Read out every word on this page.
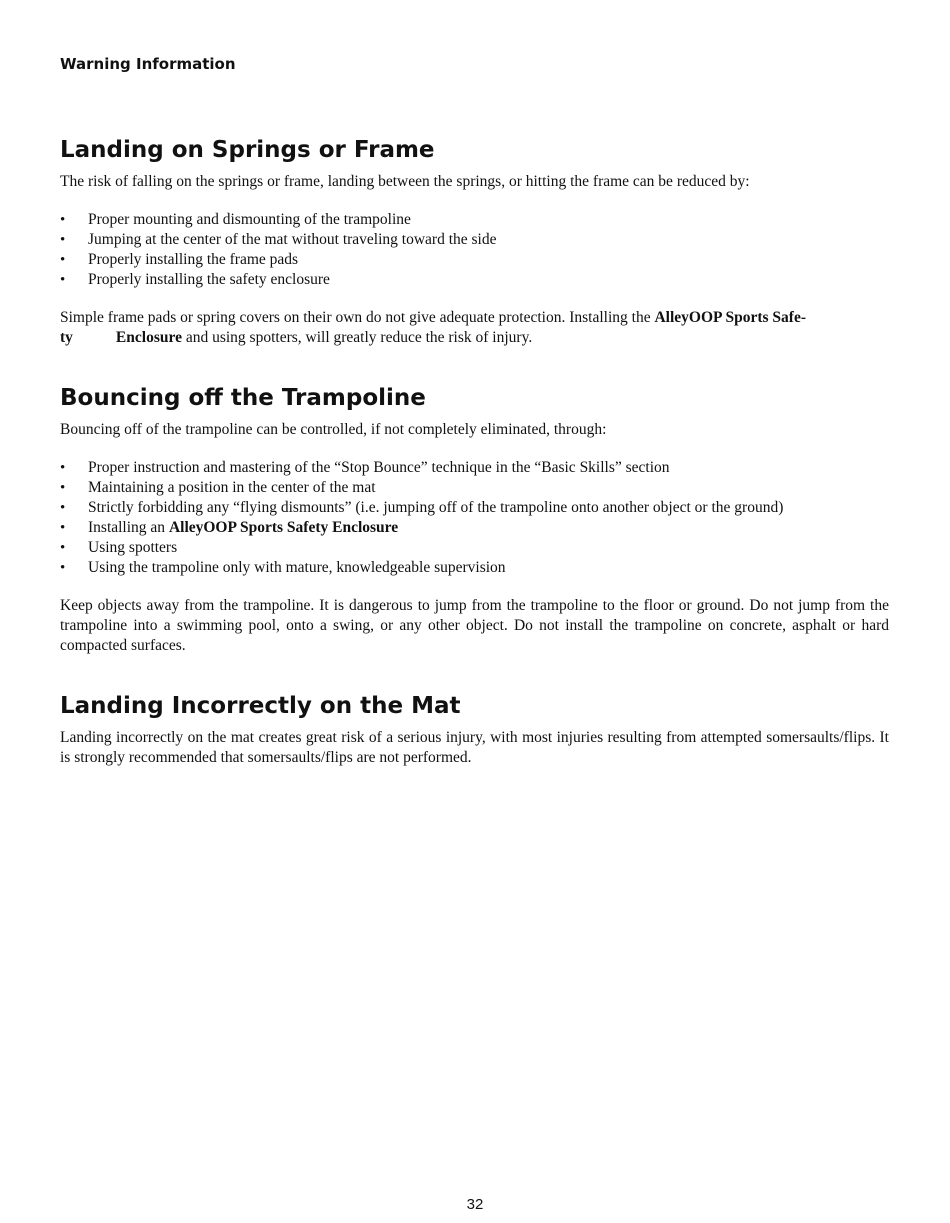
Warning Information

Landing on Springs or Frame

The risk of falling on the springs or frame, landing between the springs, or hitting the frame can be reduced by:

• Proper mounting and dismounting of the trampoline
• Jumping at the center of the mat without traveling toward the side
• Properly installing the frame pads
• Properly installing the safety enclosure

Simple frame pads or spring covers on their own do not give adequate protection. Installing the AlleyOOP Sports Safe-
ty	Enclosure and using spotters, will greatly reduce the risk of injury.

Bouncing off the Trampoline

Bouncing off of the trampoline can be controlled, if not completely eliminated, through:

• Proper instruction and mastering of the “Stop Bounce” technique in the “Basic Skills” section
• Maintaining a position in the center of the mat
• Strictly forbidding any “flying dismounts” (i.e. jumping off of the trampoline onto another object or the ground)
• Installing an AlleyOOP Sports Safety Enclosure
• Using spotters
• Using the trampoline only with mature, knowledgeable supervision

Keep objects away from the trampoline. It is dangerous to jump from the trampoline to the floor or ground. Do not jump from the trampoline into a swimming pool, onto a swing, or any other object. Do not install the trampoline on concrete, asphalt or hard compacted surfaces.

Landing Incorrectly on the Mat

Landing incorrectly on the mat creates great risk of a serious injury, with most injuries resulting from attempted somersaults/flips. It is strongly recommended that somersaults/flips are not performed.

32
